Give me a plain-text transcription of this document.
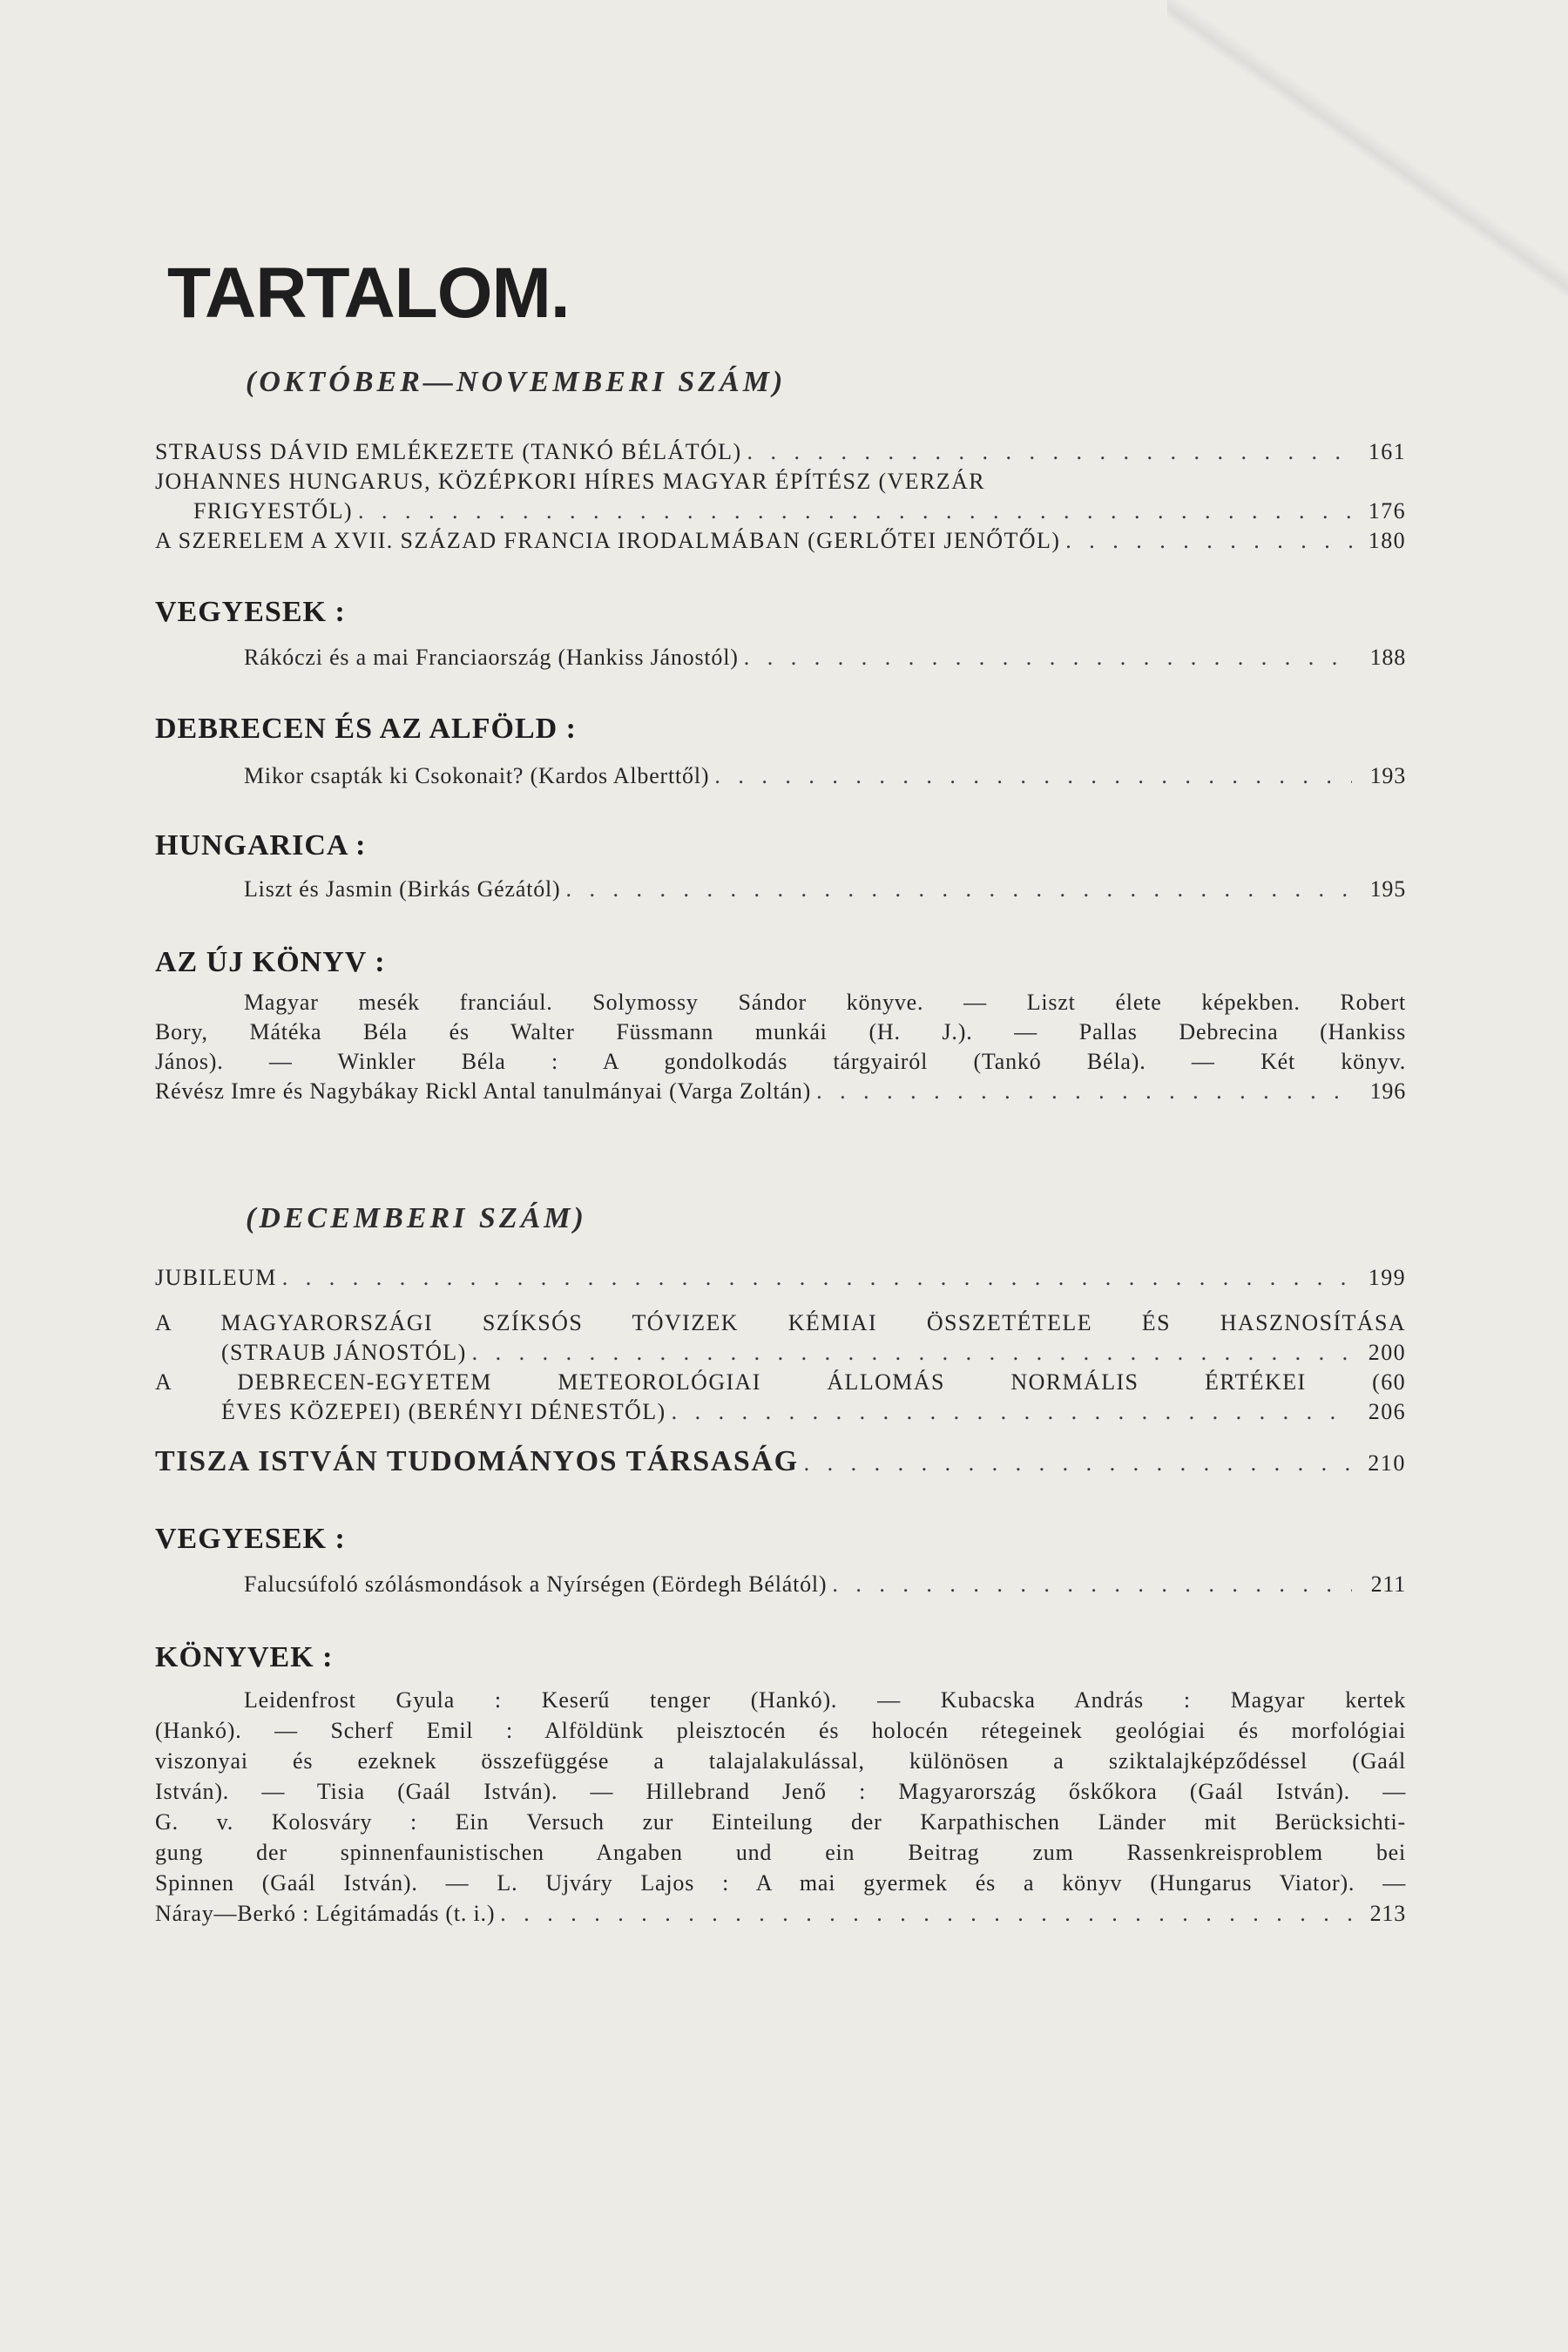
TARTALOM.
(OKTÓBER—NOVEMBERI SZÁM)
STRAUSS DÁVID EMLÉKEZETE (TANKÓ BÉLÁTÓL) . . .	161
JOHANNES HUNGARUS, KÖZÉPKORI HÍRES MAGYAR ÉPÍTÉSZ (VERZÁR
FRIGYESTŐL) . . .	176
A SZERELEM A XVII. SZÁZAD FRANCIA IRODALMÁBAN (GERLŐTEI JENŐTŐL) . . .	180
VEGYESEK :
Rákóczi és a mai Franciaország (Hankiss Jánostól) . . .	188
DEBRECEN ÉS AZ ALFÖLD :
Mikor csapták ki Csokonait? (Kardos Alberttől) . . .	193
HUNGARICA :
Liszt és Jasmin (Birkás Gézától) . . .	195
AZ ÚJ KÖNYV :
Magyar mesék franciául. Solymossy Sándor könyve. — Liszt élete képekben. Robert
Bory, Mátéka Béla és Walter Füssmann munkái (H. J.). — Pallas Debrecina (Hankiss
János). — Winkler Béla : A gondolkodás tárgyairól (Tankó Béla). — Két könyv.
Révész Imre és Nagybákay Rickl Antal tanulmányai (Varga Zoltán) . . .	196
(DECEMBERI SZÁM)
JUBILEUM . . .	199
A MAGYARORSZÁGI SZÍKSÓS TÓVIZEK KÉMIAI ÖSSZETÉTELE ÉS HASZNOSÍTÁSA
(STRAUB JÁNOSTÓL) . . .	200
A DEBRECEN-EGYETEM METEOROLÓGIAI ÁLLOMÁS NORMÁLIS ÉRTÉKEI (60
ÉVES KÖZEPEI) (BERÉNYI DÉNESTŐL) . . .	206
TISZA ISTVÁN TUDOMÁNYOS TÁRSASÁG . . .	210
VEGYESEK :
Falucsúfoló szólásmondások a Nyírségen (Eördegh Bélától) . . .	211
KÖNYVEK :
Leidenfrost Gyula : Keserű tenger (Hankó). — Kubacska András : Magyar kertek
(Hankó). — Scherf Emil : Alföldünk pleisztocén és holocén rétegeinek geológiai és morfológiai
viszonyai és ezeknek összefüggése a talajalakulással, különösen a sziktalajképződéssel (Gaál
István). — Tisia (Gaál István). — Hillebrand Jenő : Magyarország őskőkora (Gaál István). —
G. v. Kolosváry : Ein Versuch zur Einteilung der Karpathischen Länder mit Berücksichti-
gung der spinnenfaunistischen Angaben und ein Beitrag zum Rassenkreisproblem bei
Spinnen (Gaál István). — L. Ujváry Lajos : A mai gyermek és a könyv (Hungarus Viator). —
Náray—Berkó : Légitámadás (t. i.) . . .	213
